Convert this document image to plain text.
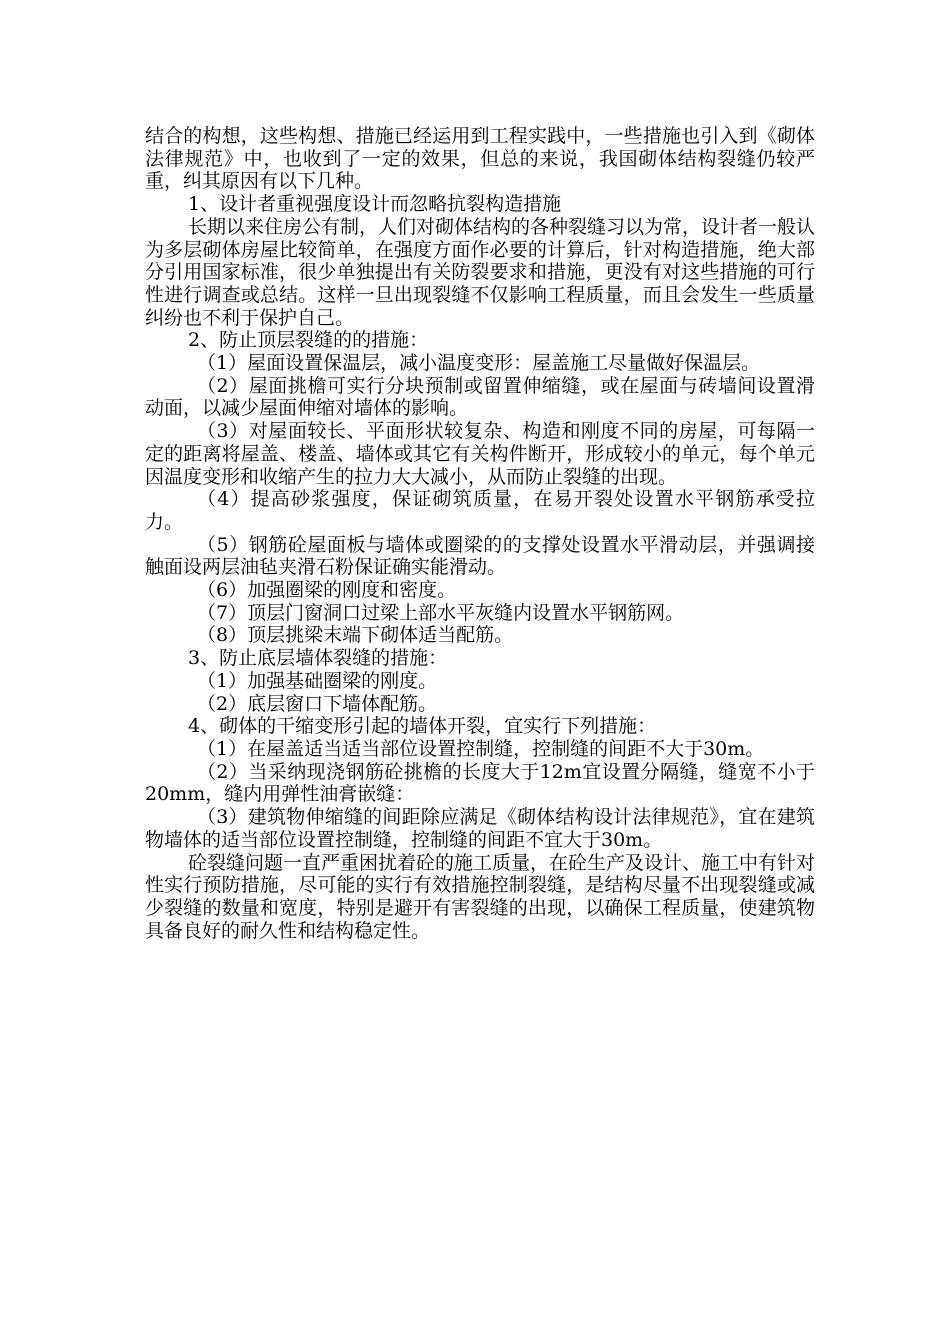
结合的构想，这些构想、措施已经运用到工程实践中，一些措施也引入到《砌体法律规范》中，也收到了一定的效果，但总的来说，我国砌体结构裂缝仍较严重，纠其原因有以下几种。

1、设计者重视强度设计而忽略抗裂构造措施

长期以来住房公有制，人们对砌体结构的各种裂缝习以为常，设计者一般认为多层砌体房屋比较简单，在强度方面作必要的计算后，针对构造措施，绝大部分引用国家标准，很少单独提出有关防裂要求和措施，更没有对这些措施的可行性进行调查或总结。这样一旦出现裂缝不仅影响工程质量，而且会发生一些质量纠纷也不利于保护自己。

2、防止顶层裂缝的的措施：

（1）屋面设置保温层，减小温度变形：屋盖施工尽量做好保温层。

（2）屋面挑檐可实行分块预制或留置伸缩缝，或在屋面与砖墙间设置滑动面，以减少屋面伸缩对墙体的影响。

（3）对屋面较长、平面形状较复杂、构造和刚度不同的房屋，可每隔一定的距离将屋盖、楼盖、墙体或其它有关构件断开，形成较小的单元，每个单元因温度变形和收缩产生的拉力大大减小，从而防止裂缝的出现。

（4）提高砂浆强度，保证砌筑质量，在易开裂处设置水平钢筋承受拉力。

（5）钢筋砼屋面板与墙体或圈梁的的支撑处设置水平滑动层，并强调接触面设两层油毡夹滑石粉保证确实能滑动。

（6）加强圈梁的刚度和密度。

（7）顶层门窗洞口过梁上部水平灰缝内设置水平钢筋网。

（8）顶层挑梁末端下砌体适当配筋。

3、防止底层墙体裂缝的措施：

（1）加强基础圈梁的刚度。

（2）底层窗口下墙体配筋。

4、砌体的干缩变形引起的墙体开裂，宜实行下列措施：

（1）在屋盖适当适当部位设置控制缝，控制缝的间距不大于30m。

（2）当采纳现浇钢筋砼挑檐的长度大于12m宜设置分隔缝，缝宽不小于20mm，缝内用弹性油膏嵌缝：

（3）建筑物伸缩缝的间距除应满足《砌体结构设计法律规范》，宜在建筑物墙体的适当部位设置控制缝，控制缝的间距不宜大于30m。

砼裂缝问题一直严重困扰着砼的施工质量，在砼生产及设计、施工中有针对性实行预防措施，尽可能的实行有效措施控制裂缝，是结构尽量不出现裂缝或减少裂缝的数量和宽度，特别是避开有害裂缝的出现，以确保工程质量，使建筑物具备良好的耐久性和结构稳定性。
